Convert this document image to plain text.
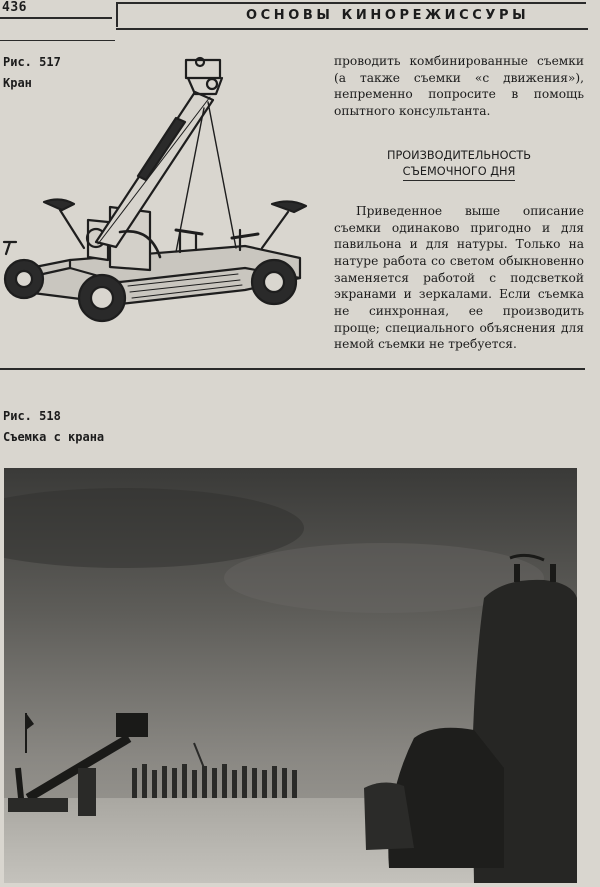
436
ОСНОВЫ КИНОРЕЖИССУРЫ
Рис. 517
Кран

проводить комбинированные съемки (а также съемки «с движения»), непременно попросите в помощь опытного консультанта.

ПРОИЗВОДИТЕЛЬНОСТЬ
СЪЕМОЧНОГО ДНЯ

Приведенное выше описание съемки одинаково пригодно и для павильона и для натуры. Только на натуре работа со светом обыкновенно заменяется работой с подсветкой экранами и зеркалами. Если съемка не синхронная, ее производить проще; специального объяснения для немой съемки не требуется.

Рис. 518
Съемка с крана
